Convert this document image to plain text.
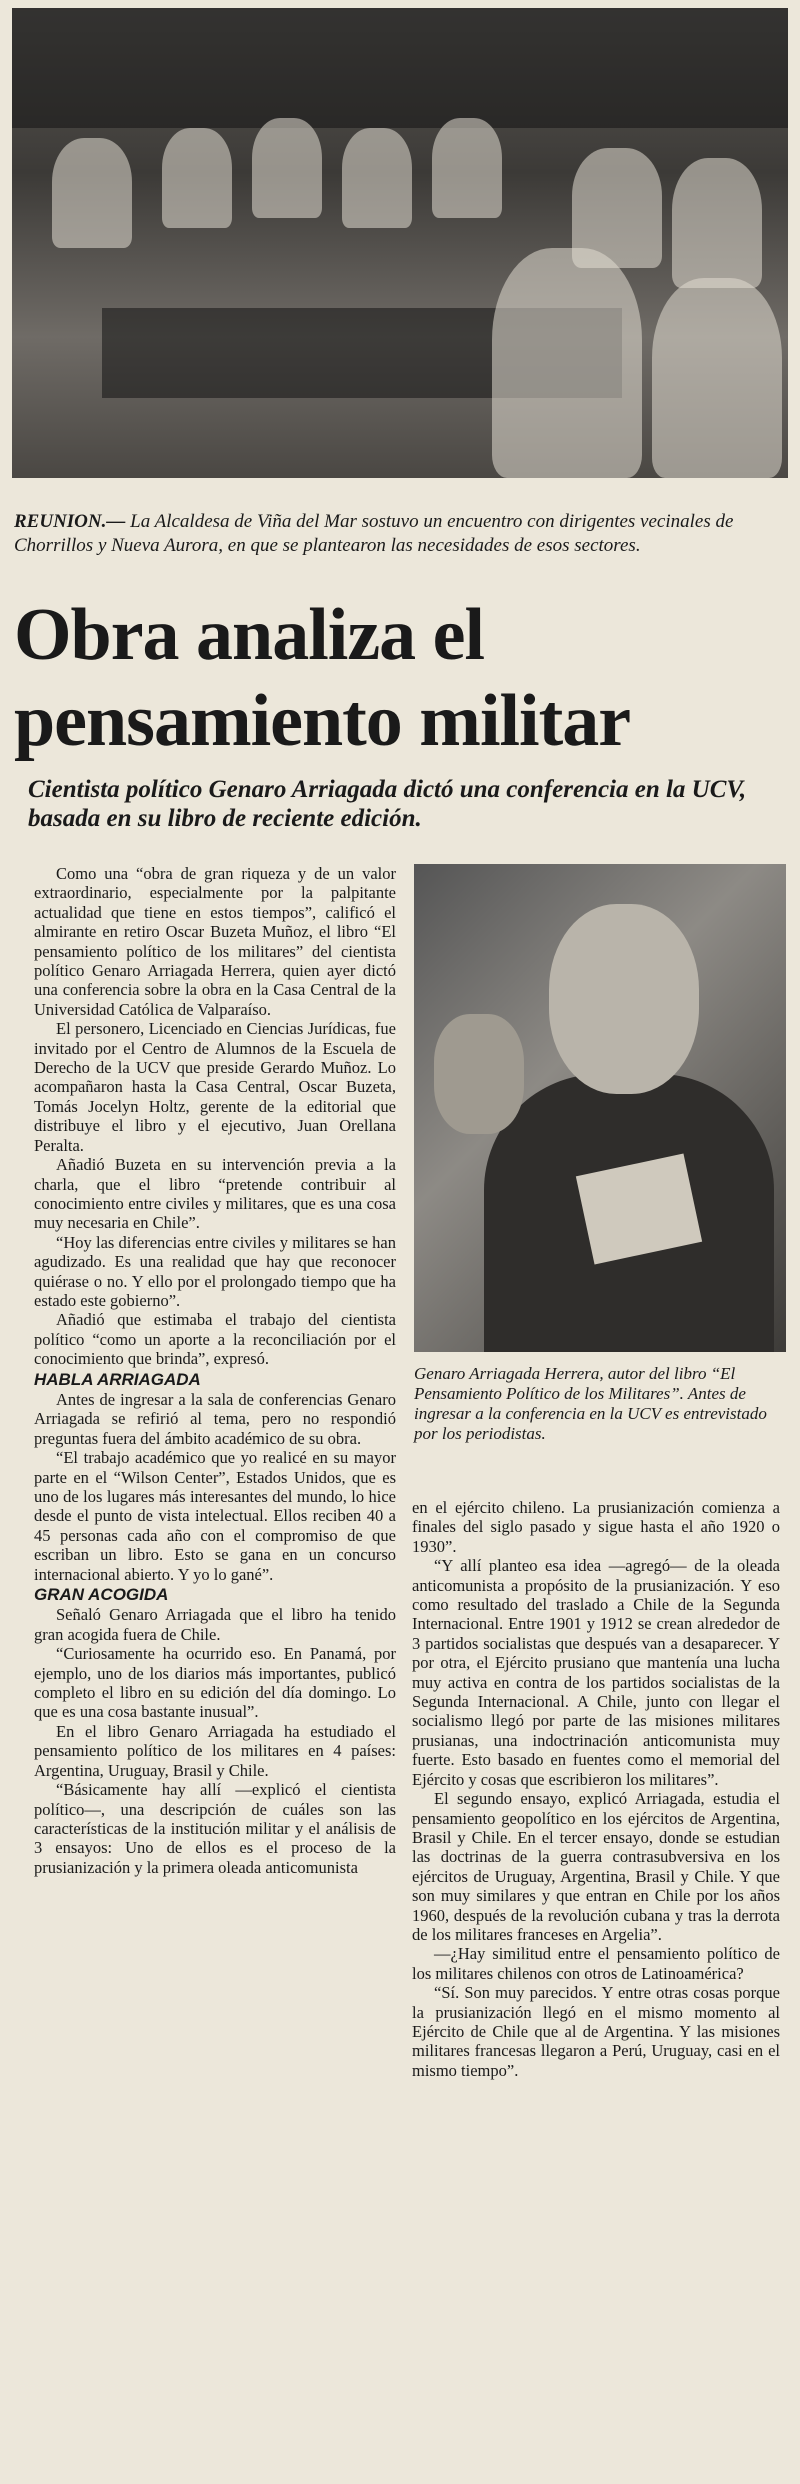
REUNION.— La Alcaldesa de Viña del Mar sostuvo un encuentro con dirigentes vecinales de Chorrillos y Nueva Aurora, en que se plantearon las necesidades de esos sectores.
Obra analiza el pensamiento militar
Cientista político Genaro Arriagada dictó una conferencia en la UCV, basada en su libro de reciente edición.

Como una “obra de gran riqueza y de un valor extraordinario, especialmente por la palpitante actualidad que tiene en estos tiempos”, calificó el almirante en retiro Oscar Buzeta Muñoz, el libro “El pensamiento político de los militares” del cientista político Genaro Arriagada Herrera, quien ayer dictó una conferencia sobre la obra en la Casa Central de la Universidad Católica de Valparaíso.

El personero, Licenciado en Ciencias Jurídicas, fue invitado por el Centro de Alumnos de la Escuela de Derecho de la UCV que preside Gerardo Muñoz. Lo acompañaron hasta la Casa Central, Oscar Buzeta, Tomás Jocelyn Holtz, gerente de la editorial que distribuye el libro y el ejecutivo, Juan Orellana Peralta.

Añadió Buzeta en su intervención previa a la charla, que el libro “pretende contribuir al conocimiento entre civiles y militares, que es una cosa muy necesaria en Chile”.

“Hoy las diferencias entre civiles y militares se han agudizado. Es una realidad que hay que reconocer quiérase o no. Y ello por el prolongado tiempo que ha estado este gobierno”.

Añadió que estimaba el trabajo del cientista político “como un aporte a la reconciliación por el conocimiento que brinda”, expresó.

HABLA ARRIAGADA

Antes de ingresar a la sala de conferencias Genaro Arriagada se refirió al tema, pero no respondió preguntas fuera del ámbito académico de su obra.

“El trabajo académico que yo realicé en su mayor parte en el “Wilson Center”, Estados Unidos, que es uno de los lugares más interesantes del mundo, lo hice desde el punto de vista intelectual. Ellos reciben 40 a 45 personas cada año con el compromiso de que escriban un libro. Esto se gana en un concurso internacional abierto. Y yo lo gané”.

GRAN ACOGIDA

Señaló Genaro Arriagada que el libro ha tenido gran acogida fuera de Chile.

“Curiosamente ha ocurrido eso. En Panamá, por ejemplo, uno de los diarios más importantes, publicó completo el libro en su edición del día domingo. Lo que es una cosa bastante inusual”.

En el libro Genaro Arriagada ha estudiado el pensamiento político de los militares en 4 países: Argentina, Uruguay, Brasil y Chile.

“Básicamente hay allí —explicó el cientista político—, una descripción de cuáles son las características de la institución militar y el análisis de 3 ensayos: Uno de ellos es el proceso de la prusianización y la primera oleada anticomunista

Genaro Arriagada Herrera, autor del libro “El Pensamiento Político de los Militares”. Antes de ingresar a la conferencia en la UCV es entrevistado por los periodistas.

en el ejército chileno. La prusianización comienza a finales del siglo pasado y sigue hasta el año 1920 o 1930”.

“Y allí planteo esa idea —agregó— de la oleada anticomunista a propósito de la prusianización. Y eso como resultado del traslado a Chile de la Segunda Internacional. Entre 1901 y 1912 se crean alrededor de 3 partidos socialistas que después van a desaparecer. Y por otra, el Ejército prusiano que mantenía una lucha muy activa en contra de los partidos socialistas de la Segunda Internacional. A Chile, junto con llegar el socialismo llegó por parte de las misiones militares prusianas, una indoctrinación anticomunista muy fuerte. Esto basado en fuentes como el memorial del Ejército y cosas que escribieron los militares”.

El segundo ensayo, explicó Arriagada, estudia el pensamiento geopolítico en los ejércitos de Argentina, Brasil y Chile. En el tercer ensayo, donde se estudian las doctrinas de la guerra contrasubversiva en los ejércitos de Uruguay, Argentina, Brasil y Chile. Y que son muy similares y que entran en Chile por los años 1960, después de la revolución cubana y tras la derrota de los militares franceses en Argelia”.

—¿Hay similitud entre el pensamiento político de los militares chilenos con otros de Latinoamérica?

“Sí. Son muy parecidos. Y entre otras cosas porque la prusianización llegó en el mismo momento al Ejército de Chile que al de Argentina. Y las misiones militares francesas llegaron a Perú, Uruguay, casi en el mismo tiempo”.
